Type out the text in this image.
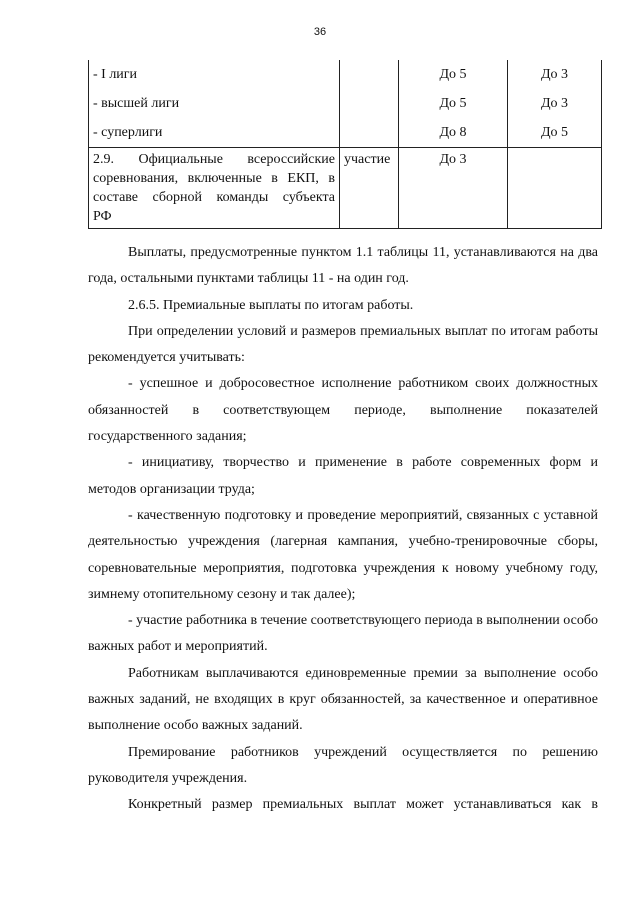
36
- I лиги		До 5	До 3
- высшей лиги		До 5	До 3
- суперлиги		До 8	До 5

2.9. Официальные всероссийские
соревнования, включенные в ЕКП, в
составе сборной команды субъекта
РФ	участие	До 3	

Выплаты, предусмотренные пунктом 1.1 таблицы 11, устанавливаются на два года, остальными пунктами таблицы 11 - на один год.

2.6.5. Премиальные выплаты по итогам работы.

При определении условий и размеров премиальных выплат по итогам работы рекомендуется учитывать:

- успешное и добросовестное исполнение работником своих должностных обязанностей в соответствующем периоде, выполнение показателей государственного задания;

- инициативу, творчество и применение в работе современных форм и методов организации труда;

- качественную подготовку и проведение мероприятий, связанных с уставной деятельностью учреждения (лагерная кампания, учебно-тренировочные сборы, соревновательные мероприятия, подготовка учреждения к новому учебному году, зимнему отопительному сезону и так далее);

- участие работника в течение соответствующего периода в выполнении особо важных работ и мероприятий.

Работникам выплачиваются единовременные премии за выполнение особо важных заданий, не входящих в круг обязанностей, за качественное и оперативное выполнение особо важных заданий.

Премирование работников учреждений осуществляется по решению руководителя учреждения.

Конкретный размер премиальных выплат может устанавливаться как в
